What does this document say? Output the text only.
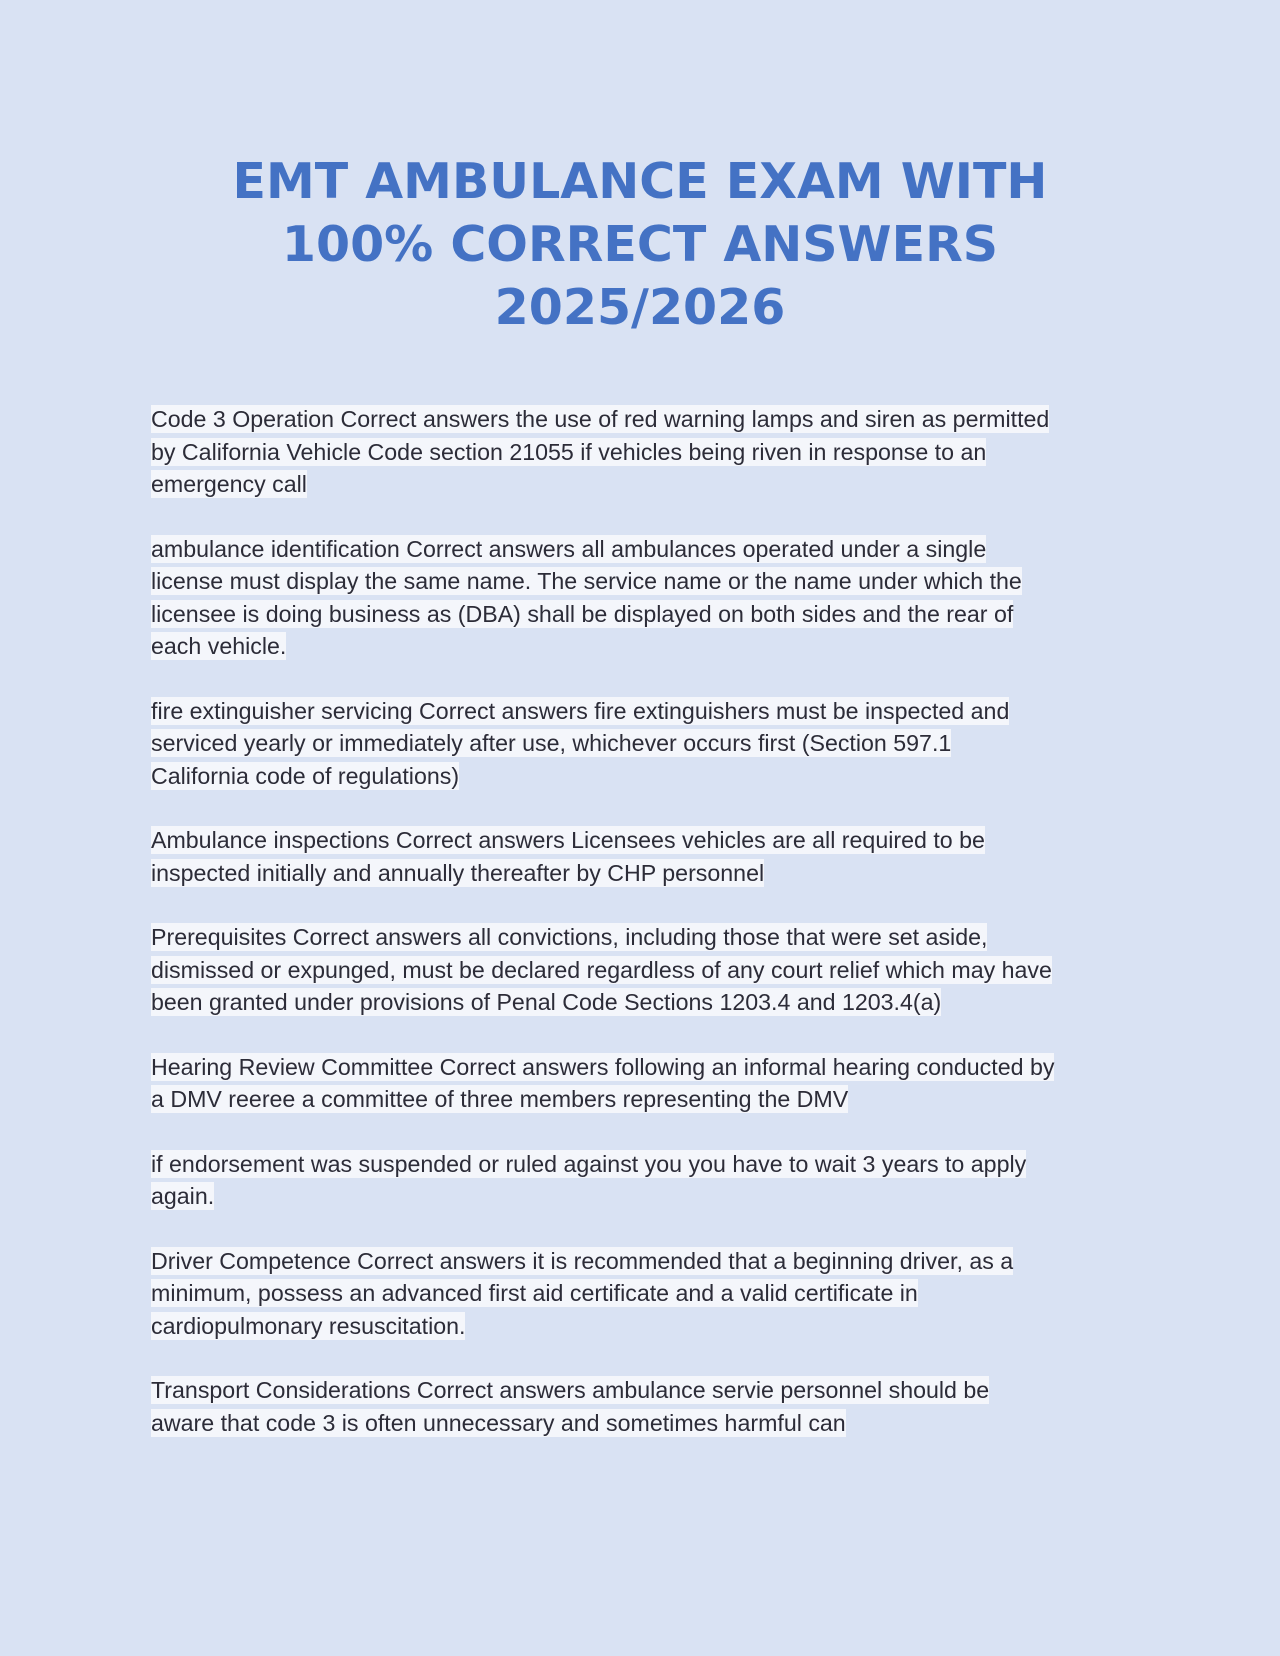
EMT AMBULANCE EXAM WITH
100% CORRECT ANSWERS
2025/2026

Code 3 Operation Correct answers the use of red warning lamps and siren as permitted
by California Vehicle Code section 21055 if vehicles being riven in response to an
emergency call

ambulance identification Correct answers all ambulances operated under a single
license must display the same name. The service name or the name under which the
licensee is doing business as (DBA) shall be displayed on both sides and the rear of
each vehicle.

fire extinguisher servicing Correct answers fire extinguishers must be inspected and
serviced yearly or immediately after use, whichever occurs first (Section 597.1
California code of regulations)

Ambulance inspections Correct answers Licensees vehicles are all required to be
inspected initially and annually thereafter by CHP personnel

Prerequisites Correct answers all convictions, including those that were set aside,
dismissed or expunged, must be declared regardless of any court relief which may have
been granted under provisions of Penal Code Sections 1203.4 and 1203.4(a)

Hearing Review Committee Correct answers following an informal hearing conducted by
a DMV reeree a committee of three members representing the DMV

if endorsement was suspended or ruled against you you have to wait 3 years to apply
again.

Driver Competence Correct answers it is recommended that a beginning driver, as a
minimum, possess an advanced first aid certificate and a valid certificate in
cardiopulmonary resuscitation.

Transport Considerations Correct answers ambulance servie personnel should be
aware that code 3 is often unnecessary and sometimes harmful can
